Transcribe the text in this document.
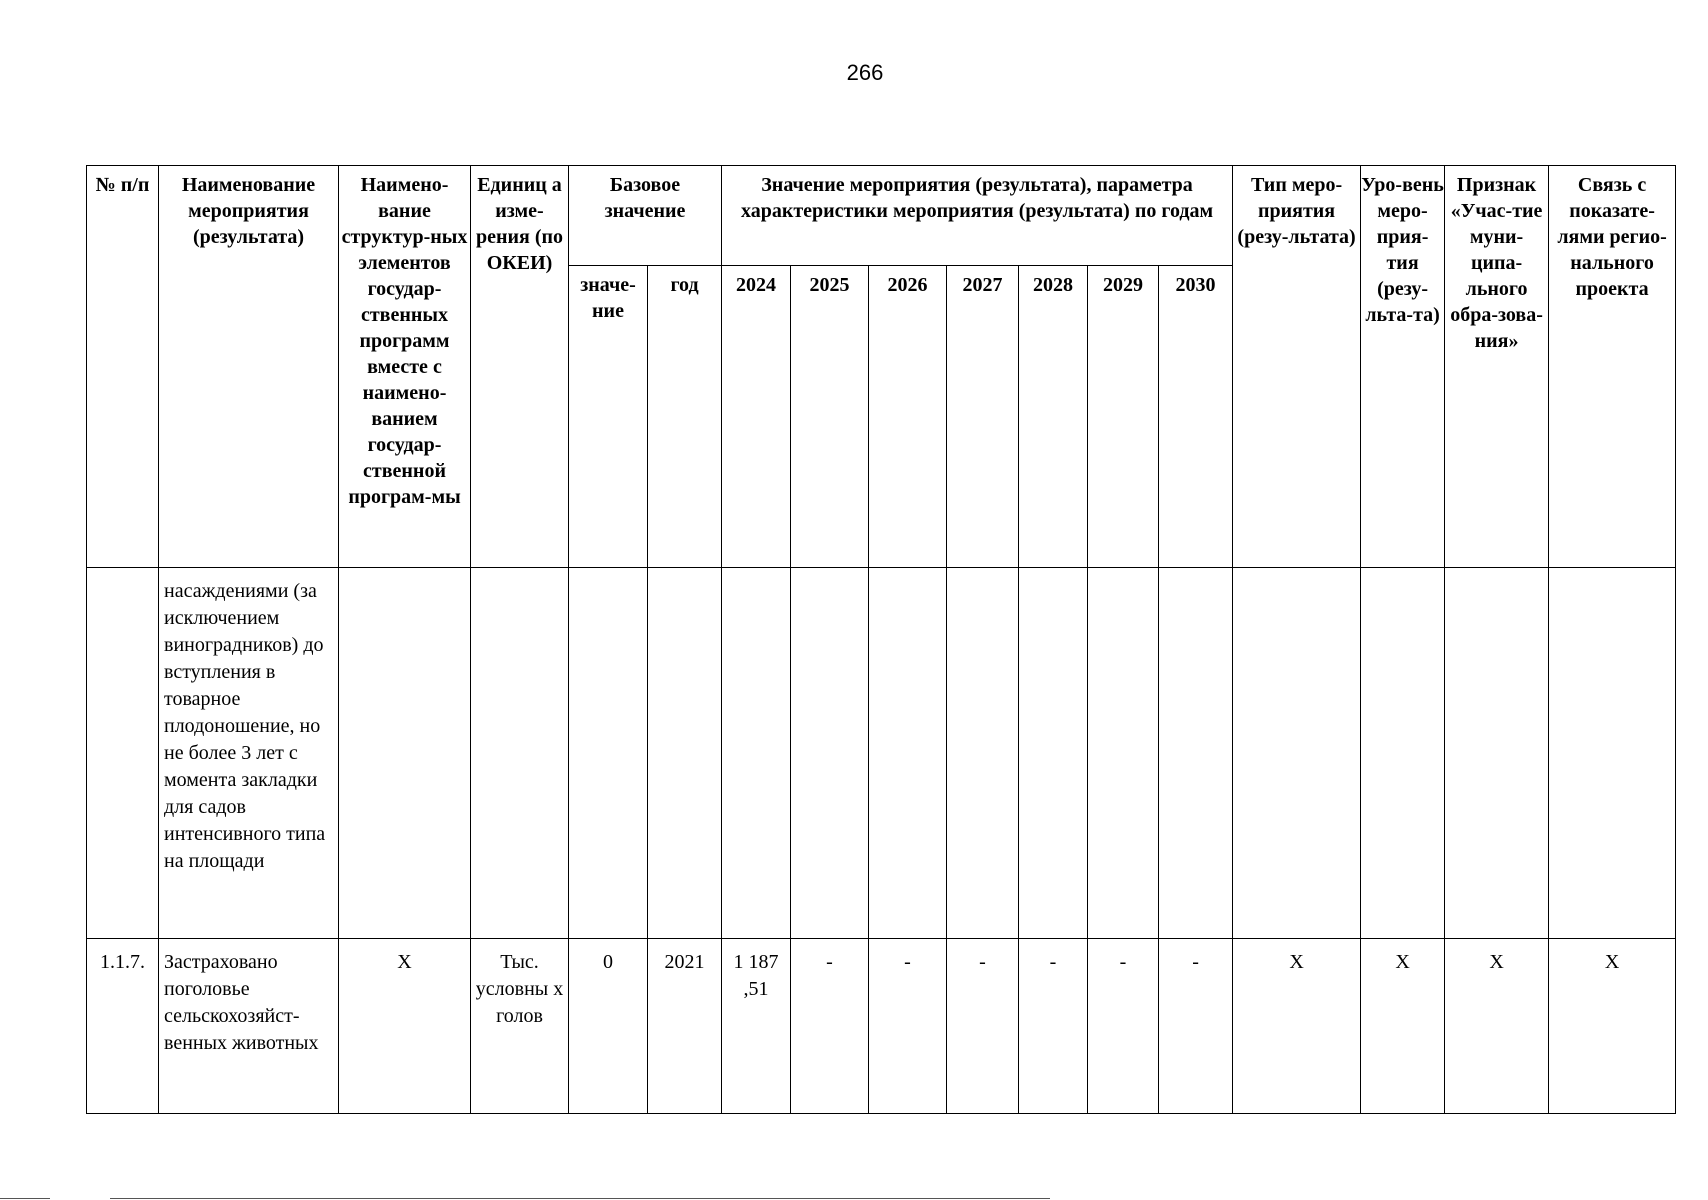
266
№ п/п	Наименование мероприятия (результата)	Наимено-вание структур-ных элементов государ-ственных программ вместе с наимено-ванием государ-ственной програм-мы	Единиц а изме-рения (по ОКЕИ)	Базовое значение		Значение мероприятия (результата), параметра характеристики мероприятия (результата) по годам							Тип меро-приятия (резу-льтата)	Уро-вень меро-прия-тия (резу-льта-та)	Признак «Учас-тие муни-ципа-льного обра-зова-ния»	Связь с показате-лями регио-нального проекта

				значе-ние	год	2024	2025	2026	2027	2028	2029	2030				

	насаждениями (за исключением виноградников) до вступления в товарное плодоношение, но не более 3 лет с момента закладки для садов интенсивного типа на площади															
1.1.7.	Застраховано поголовье сельскохозяйст-венных животных	X	Тыс. условны х голов	0	2021	1 187 ,51	-	-	-	-	-	-	X	X	X	X
